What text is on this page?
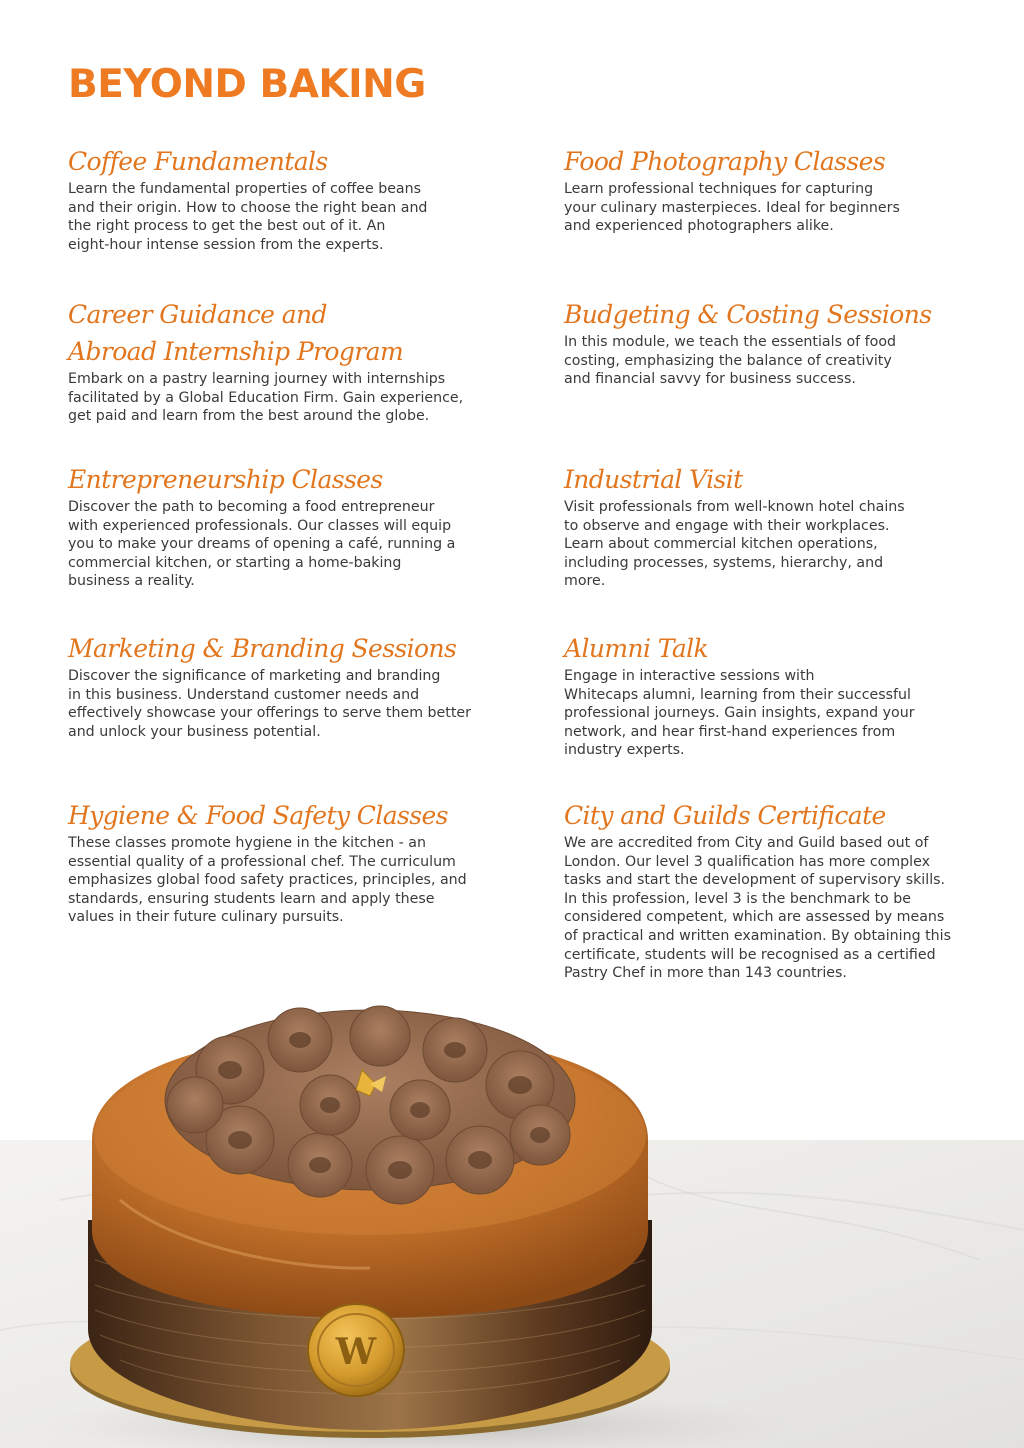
BEYOND BAKING
Coffee Fundamentals

Learn the fundamental properties of coffee beans
and their origin. How to choose the right bean and
the right process to get the best out of it. An
eight-hour intense session from the experts.

Career Guidance and
Abroad Internship Program

Embark on a pastry learning journey with internships
facilitated by a Global Education Firm. Gain experience,
get paid and learn from the best around the globe.

Entrepreneurship Classes

Discover the path to becoming a food entrepreneur
with experienced professionals. Our classes will equip
you to make your dreams of opening a café, running a
commercial kitchen, or starting a home-baking
business a reality.

Marketing & Branding Sessions

Discover the significance of marketing and branding
in this business. Understand customer needs and
effectively showcase your offerings to serve them better
and unlock your business potential.

Hygiene & Food Safety Classes

These classes promote hygiene in the kitchen - an
essential quality of a professional chef. The curriculum
emphasizes global food safety practices, principles, and
standards, ensuring students learn and apply these
values in their future culinary pursuits.

Food Photography Classes

Learn professional techniques for capturing
your culinary masterpieces. Ideal for beginners
and experienced photographers alike.

Budgeting & Costing Sessions

In this module, we teach the essentials of food
costing, emphasizing the balance of creativity
and financial savvy for business success.

Industrial Visit

Visit professionals from well-known hotel chains
to observe and engage with their workplaces.
Learn about commercial kitchen operations,
including processes, systems, hierarchy, and
more.

Alumni Talk

Engage in interactive sessions with
Whitecaps alumni, learning from their successful
professional journeys. Gain insights, expand your
network, and hear first-hand experiences from
industry experts.

City and Guilds Certificate

We are accredited from City and Guild based out of
London. Our level 3 qualification has more complex
tasks and start the development of supervisory skills.
In this profession, level 3 is the benchmark to be
considered competent, which are assessed by means
of practical and written examination. By obtaining this
certificate, students will be recognised as a certified
Pastry Chef in more than 143 countries.

W
